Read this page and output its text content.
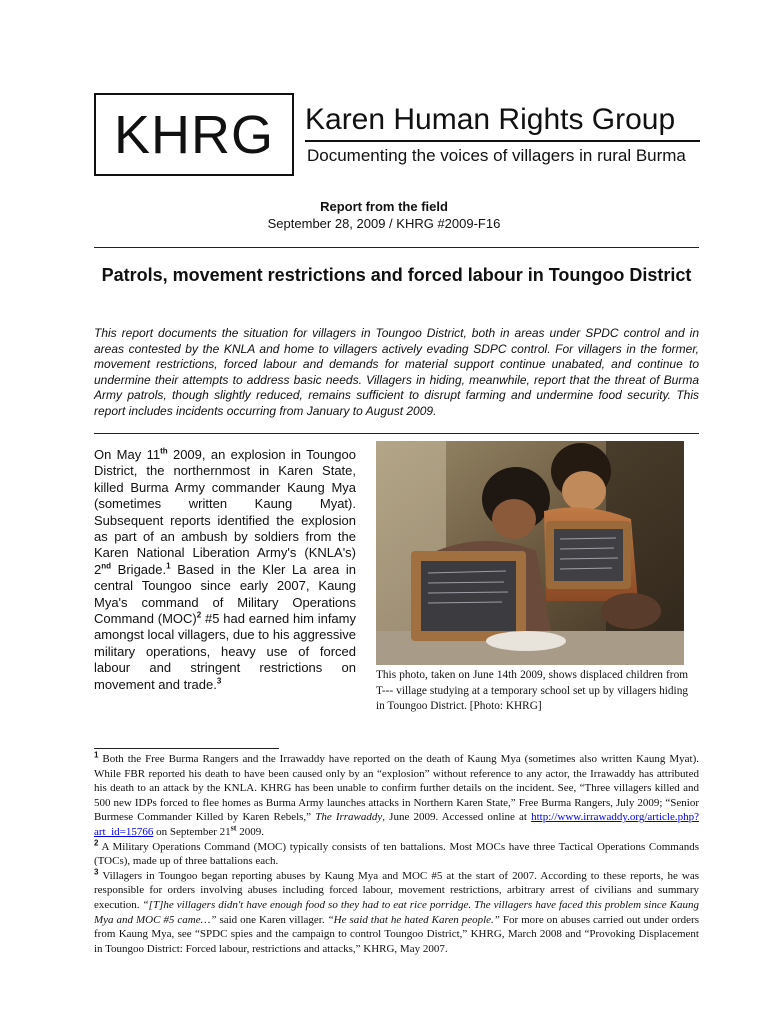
KHRG Karen Human Rights Group
Documenting the voices of villagers in rural Burma
Report from the field
September 28, 2009 / KHRG #2009-F16
Patrols, movement restrictions and forced labour in Toungoo District
This report documents the situation for villagers in Toungoo District, both in areas under SPDC control and in areas contested by the KNLA and home to villagers actively evading SDPC control. For villagers in the former, movement restrictions, forced labour and demands for material support continue unabated, and continue to undermine their attempts to address basic needs. Villagers in hiding, meanwhile, report that the threat of Burma Army patrols, though slightly reduced, remains sufficient to disrupt farming and undermine food security. This report includes incidents occurring from January to August 2009.
On May 11th 2009, an explosion in Toungoo District, the northernmost in Karen State, killed Burma Army commander Kaung Mya (sometimes written Kaung Myat). Subsequent reports identified the explosion as part of an ambush by soldiers from the Karen National Liberation Army's (KNLA's) 2nd Brigade.$^1$ Based in the Kler La area in central Toungoo since early 2007, Kaung Mya's command of Military Operations Command (MOC)$^2$ #5 had earned him infamy amongst local villagers, due to his aggressive military operations, heavy use of forced labour and stringent restrictions on movement and trade.$^3$	This photo, taken on June 14th 2009, shows displaced children from T--- village studying at a temporary school set up by villagers hiding in Toungoo District. [Photo: KHRG]

$^1$ Both the Free Burma Rangers and the Irrawaddy have reported on the death of Kaung Mya (sometimes also written Kaung Myat). While FBR reported his death to have been caused only by an “explosion” without reference to any actor, the Irrawaddy has attributed his death to an attack by the KNLA. KHRG has been unable to confirm further details on the incident. See, “Three villagers killed and 500 new IDPs forced to flee homes as Burma Army launches attacks in Northern Karen State,” Free Burma Rangers, July 2009; “Senior Burmese Commander Killed by Karen Rebels,” The Irrawaddy, June 2009. Accessed online at http://www.irrawaddy.org/article.php?art_id=15766 on September 21st 2009.

$^2$ A Military Operations Command (MOC) typically consists of ten battalions. Most MOCs have three Tactical Operations Commands (TOCs), made up of three battalions each.

$^3$ Villagers in Toungoo began reporting abuses by Kaung Mya and MOC #5 at the start of 2007. According to these reports, he was responsible for orders involving abuses including forced labour, movement restrictions, arbitrary arrest of civilians and summary execution. “[T]he villagers didn't have enough food so they had to eat rice porridge. The villagers have faced this problem since Kaung Mya and MOC #5 came…” said one Karen villager. “He said that he hated Karen people.” For more on abuses carried out under orders from Kaung Mya, see “SPDC spies and the campaign to control Toungoo District,” KHRG, March 2008 and “Provoking Displacement in Toungoo District: Forced labour, restrictions and attacks,” KHRG, May 2007.
